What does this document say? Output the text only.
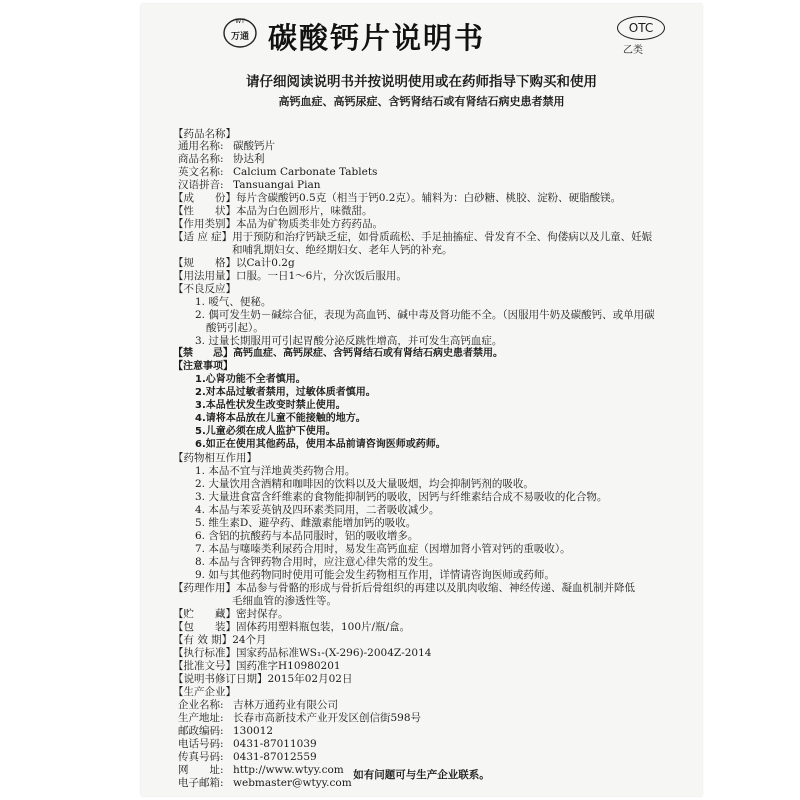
WT
万通 碳酸钙片说明书	OTC
乙类
请仔细阅读说明书并按说明使用或在药师指导下购买和使用
高钙血症、高钙尿症、含钙肾结石或有肾结石病史患者禁用
【药品名称】
通用名称: 碳酸钙片
商品名称: 协达利
英文名称: Calcium Carbonate Tablets
汉语拼音: Tansuangai Pian
【成　　份】每片含碳酸钙0.5克（相当于钙0.2克）。辅料为：白砂糖、桃胶、淀粉、硬脂酸镁。
【性　　状】本品为白色圆形片，味微甜。
【作用类别】本品为矿物质类非处方药药品。
【适 应 症】用于预防和治疗钙缺乏症，如骨质疏松、手足抽搐症、骨发育不全、佝偻病以及儿童、妊娠
和哺乳期妇女、绝经期妇女、老年人钙的补充。
【规　　格】以Ca计0.2g
【用法用量】口服。一日1～6片，分次饭后服用。
【不良反应】
1. 嗳气、便秘。
2. 偶可发生奶－碱综合征，表现为高血钙、碱中毒及肾功能不全。（因服用牛奶及碳酸钙、或单用碳
酸钙引起）。
3. 过量长期服用可引起胃酸分泌反跳性增高，并可发生高钙血症。
【禁　　忌】高钙血症、高钙尿症、含钙肾结石或有肾结石病史患者禁用。
【注意事项】
1.心肾功能不全者慎用。
2.对本品过敏者禁用，过敏体质者慎用。
3.本品性状发生改变时禁止使用。
4.请将本品放在儿童不能接触的地方。
5.儿童必须在成人监护下使用。
6.如正在使用其他药品，使用本品前请咨询医师或药师。
【药物相互作用】
1. 本品不宜与洋地黄类药物合用。
2. 大量饮用含酒精和咖啡因的饮料以及大量吸烟，均会抑制钙剂的吸收。
3. 大量进食富含纤维素的食物能抑制钙的吸收，因钙与纤维素结合成不易吸收的化合物。
4. 本品与苯妥英钠及四环素类同用，二者吸收减少。
5. 维生素D、避孕药、雌激素能增加钙的吸收。
6. 含铝的抗酸药与本品同服时，铝的吸收增多。
7. 本品与噻嗪类利尿药合用时，易发生高钙血症（因增加肾小管对钙的重吸收）。
8. 本品与含钾药物合用时，应注意心律失常的发生。
9. 如与其他药物同时使用可能会发生药物相互作用，详情请咨询医师或药师。
【药理作用】本品参与骨骼的形成与骨折后骨组织的再建以及肌肉收缩、神经传递、凝血机制并降低
毛细血管的渗透性等。
【贮　　藏】密封保存。
【包　　装】固体药用塑料瓶包装，100片/瓶/盒。
【有 效 期】24个月
【执行标准】国家药品标准WS₁-(X-296)-2004Z-2014
【批准文号】国药准字H10980201
【说明书修订日期】2015年02月02日
【生产企业】
企业名称: 吉林万通药业有限公司
生产地址: 长春市高新技术产业开发区创信街598号
邮政编码: 130012
电话号码: 0431-87011039
传真号码: 0431-87012559
网　　址: http://www.wtyy.com
电子邮箱: webmaster@wtyy.com
如有问题可与生产企业联系。
